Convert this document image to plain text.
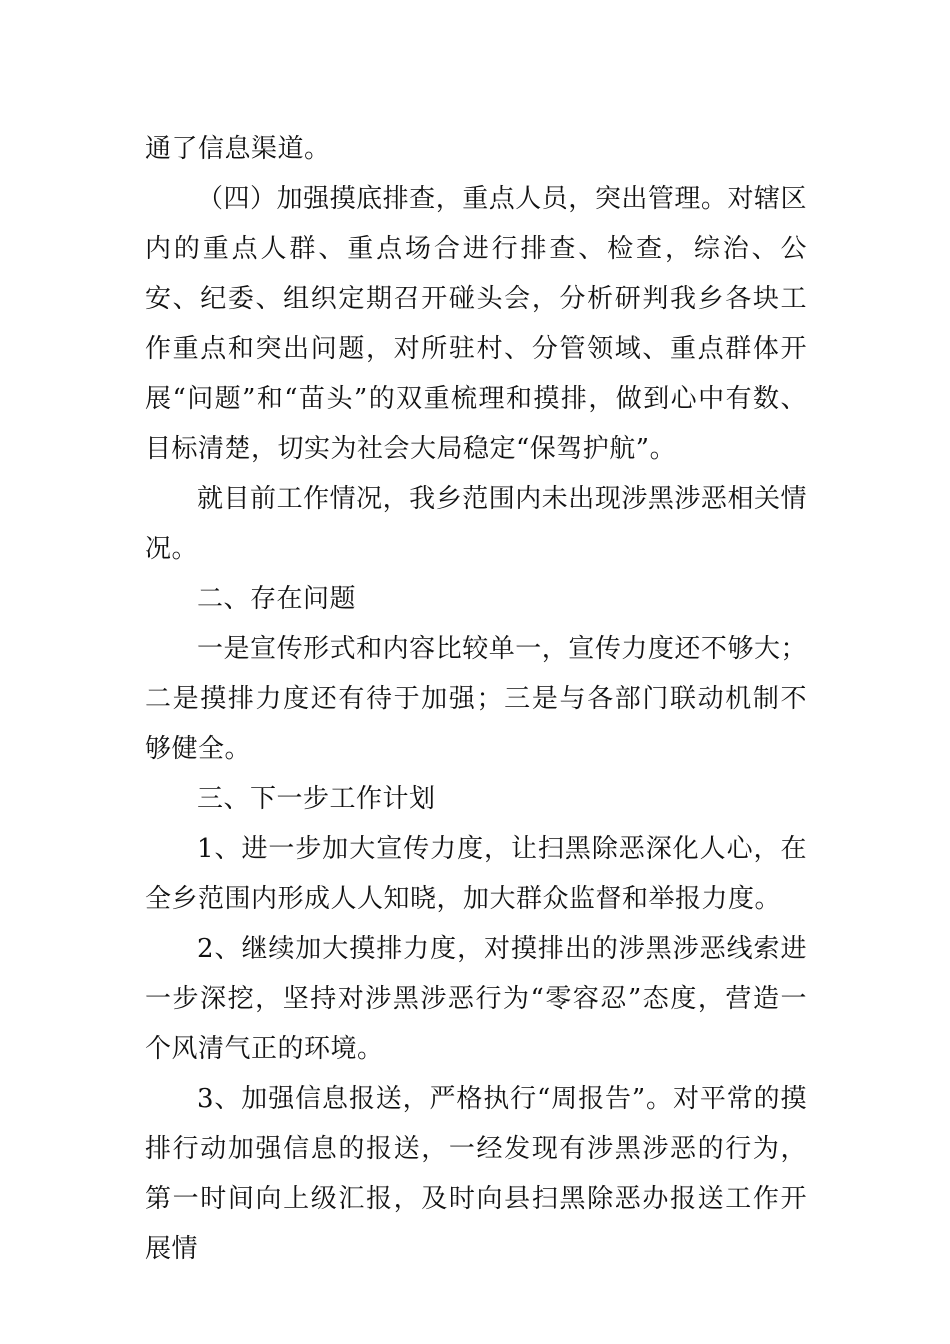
通了信息渠道。

（四）加强摸底排查，重点人员，突出管理。对辖区内的重点人群、重点场合进行排查、检查，综治、公安、纪委、组织定期召开碰头会，分析研判我乡各块工作重点和突出问题，对所驻村、分管领域、重点群体开展“问题”和“苗头”的双重梳理和摸排，做到心中有数、目标清楚，切实为社会大局稳定“保驾护航”。

就目前工作情况，我乡范围内未出现涉黑涉恶相关情况。

二、存在问题

一是宣传形式和内容比较单一，宣传力度还不够大；二是摸排力度还有待于加强；三是与各部门联动机制不够健全。

三、下一步工作计划

1、进一步加大宣传力度，让扫黑除恶深化人心，在全乡范围内形成人人知晓，加大群众监督和举报力度。

2、继续加大摸排力度，对摸排出的涉黑涉恶线索进一步深挖，坚持对涉黑涉恶行为“零容忍”态度，营造一个风清气正的环境。

3、加强信息报送，严格执行“周报告”。对平常的摸排行动加强信息的报送，一经发现有涉黑涉恶的行为，第一时间向上级汇报，及时向县扫黑除恶办报送工作开展情
